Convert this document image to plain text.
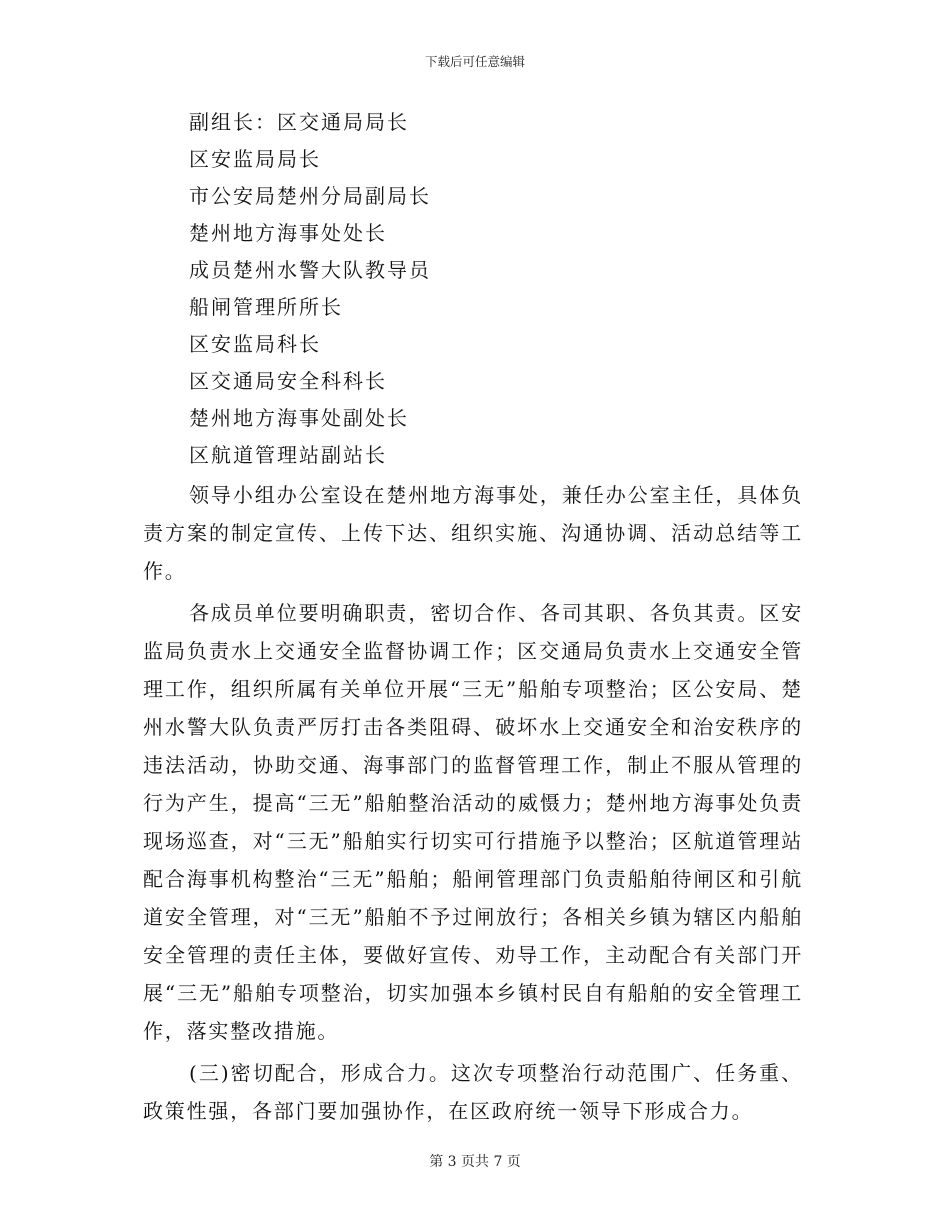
下载后可任意编辑
副组长：区交通局局长
区安监局局长
市公安局楚州分局副局长
楚州地方海事处处长
成员楚州水警大队教导员
船闸管理所所长
区安监局科长
区交通局安全科科长
楚州地方海事处副处长
区航道管理站副站长

领导小组办公室设在楚州地方海事处，兼任办公室主任，具体负责方案的制定宣传、上传下达、组织实施、沟通协调、活动总结等工作。

各成员单位要明确职责，密切合作、各司其职、各负其责。区安监局负责水上交通安全监督协调工作；区交通局负责水上交通安全管理工作，组织所属有关单位开展“三无”船舶专项整治；区公安局、楚州水警大队负责严厉打击各类阻碍、破坏水上交通安全和治安秩序的违法活动，协助交通、海事部门的监督管理工作，制止不服从管理的行为产生，提高“三无”船舶整治活动的威慑力；楚州地方海事处负责现场巡查，对“三无”船舶实行切实可行措施予以整治；区航道管理站配合海事机构整治“三无”船舶；船闸管理部门负责船舶待闸区和引航道安全管理，对“三无”船舶不予过闸放行；各相关乡镇为辖区内船舶安全管理的责任主体，要做好宣传、劝导工作，主动配合有关部门开展“三无”船舶专项整治，切实加强本乡镇村民自有船舶的安全管理工作，落实整改措施。

(三)密切配合，形成合力。这次专项整治行动范围广、任务重、政策性强，各部门要加强协作，在区政府统一领导下形成合力。

第 3 页共 7 页
